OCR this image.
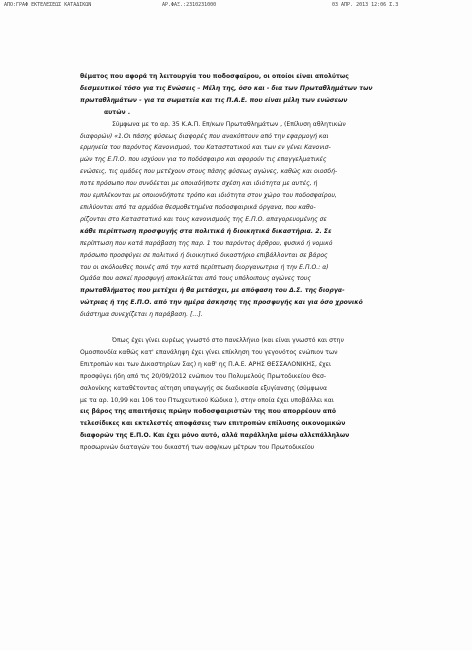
ΑΠΟ:ΓΡΑΦ ΕΚΤΕΛΕΣΕΩΣ ΚΑΤΑΔΙΚΩΝ	ΑΡ.ΦΑΞ.:2310231000	03 ΑΠΡ. 2013 12:06 Σ.3
θέματος που αφορά τη λειτουργία του ποδοσφαίρου, οι οποίοι είναι απολύτως
δεσμευτικοί τόσο για τις Ενώσεις – Μέλη της, όσο και - δια των Πρωταθλημάτων των
πρωταθλημάτων - για τα σωματεία και τις Π.Α.Ε. που είναι μέλη των ενώσεων
αυτών .
Σύμφωνα με το αρ. 35 Κ.Α.Π. Επ/κων Πρωταθλημάτων , (Επίλυση αθλητικών
διαφορών) «1.Οι πάσης φύσεως διαφορές που ανακύπτουν από την εφαρμογή και
ερμηνεία του παρόντος Κανονισμού, του Καταστατικού και των εν γένει Κανονισ-
μών της Ε.Π.Ο. που ισχύουν για το ποδόσφαιρο και αφορούν τις επαγγελματικές
ενώσεις, τις ομάδες που μετέχουν στους πάσης φύσεως αγώνες, καθώς και οιοσδή-
ποτε πρόσωπο που συνδέεται με οποιαδήποτε σχέση και ιδιότητα με αυτές, ή
που εμπλέκονται με οποιονδήποτε τρόπο και ιδιότητα στον χώρο του ποδοσφαίρου,
επιλύονται από τα αρμόδια θεσμοθετημένα ποδοσφαιρικά όργανα, που καθο-
ρίζονται στο Καταστατικό και τους κανονισμούς της Ε.Π.Ο. απαγορευομένης σε
κάθε περίπτωση προσφυγής στα πολιτικά ή διοικητικά δικαστήρια. 2. Σε
περίπτωση που κατά παράβαση της παρ. 1 του παρόντος άρθρου, φυσικό ή νομικό
πρόσωπο προσφύγει σε πολιτικό ή διοικητικό δικαστήριο επιβάλλονται σε βάρος
του οι ακόλουθες ποινές από την κατά περίπτωση διοργανωτρια ή την Ε.Π.Ο.: α)
Ομάδα που ασκεί προσφυγή αποκλείεται από τους υπόλοιπους αγώνες τους
πρωταθλήματος που μετέχει ή θα μετάσχει, με απόφαση του Δ.Σ. της διοργα-
νώτριας ή της Ε.Π.Ο. από την ημέρα άσκησης της προσφυγής και για όσο χρονικό
διάστημα συνεχίζεται η παράβαση. […].
Όπως έχει γίνει ευρέως γνωστό στο πανελλήνιο (και είναι γνωστό και στην
Ομοσπονδία καθώς κατ' επανάληψη έχει γίνει επίκληση του γεγονότος ενώπιον των
Επιτροπών και των Δικαστηρίων Σας) η καθ' ης Π.Α.Ε. ΑΡΗΣ ΘΕΣΣΑΛΟΝΙΚΗΣ, έχει
προσφύγει ήδη από τις 20/09/2012 ενώπιον του Πολυμελούς Πρωτοδικείου Θεσ-
σαλονίκης καταθέτοντας αίτηση υπαγωγής σε διαδικασία εξυγίανσης (σύμφωνα
με τα αρ. 10,99 και 106 του Πτωχευτικού Κώδικα ), στην οποία έχει υποβάλλει και
εις βάρος της απαιτήσεις πρώην ποδοσφαιριστών της που απορρέουν από
τελεσίδικες και εκτελεστές αποφάσεις των επιτροπών επίλυσης οικονομικών
διαφορών της Ε.Π.Ο. Και έχει μόνο αυτό, αλλά παράλληλα μέσω αλλεπάλληλων
προσωρινών διαταγών του δικαστή των ασφ/κων μέτρων του Πρωτοδικείου
